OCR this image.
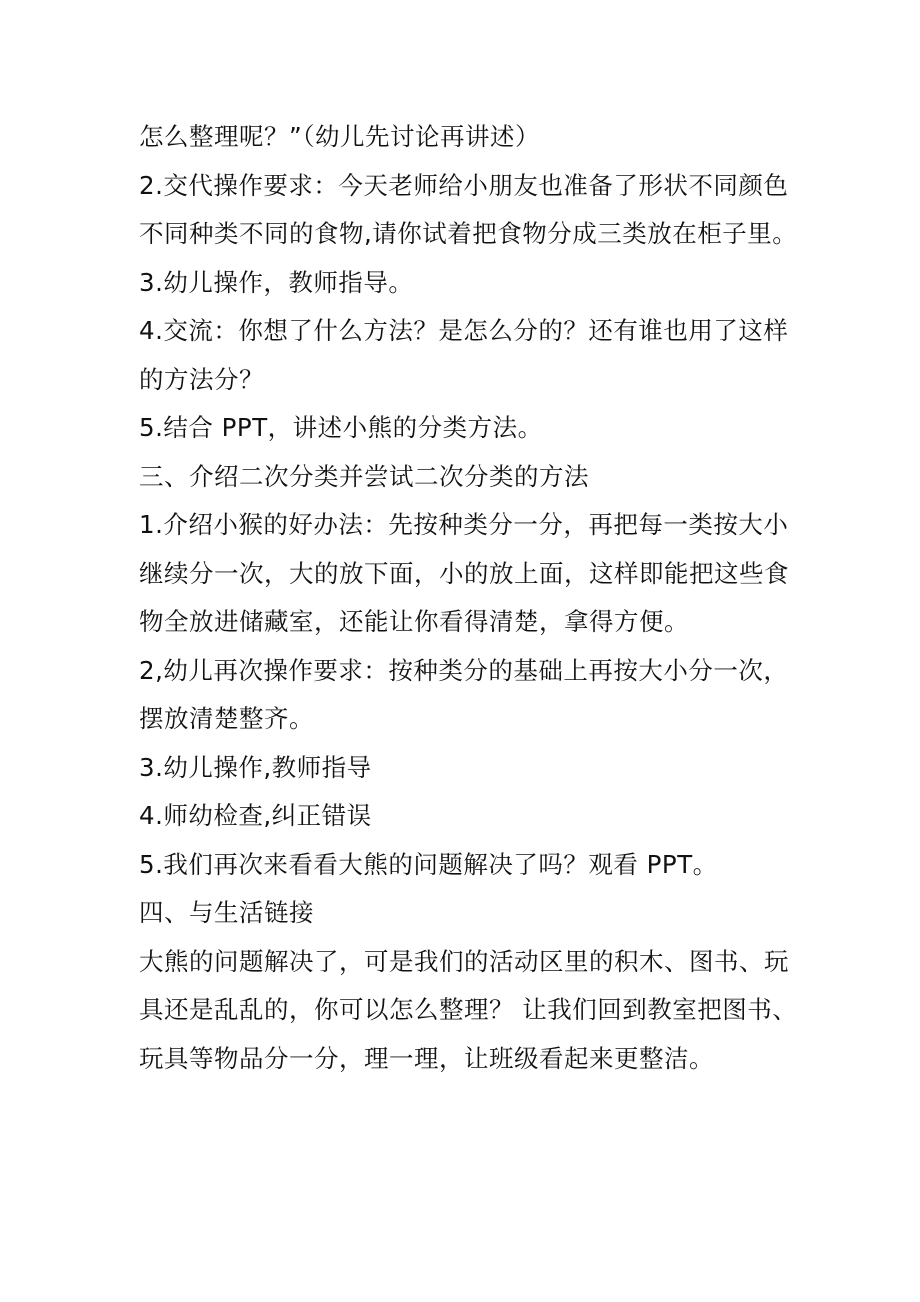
怎么整理呢？”（幼儿先讨论再讲述）
2.交代操作要求：今天老师给小朋友也准备了形状不同颜色
不同种类不同的食物,请你试着把食物分成三类放在柜子里。
3.幼儿操作，教师指导。
4.交流：你想了什么方法？是怎么分的？还有谁也用了这样
的方法分？
5.结合 PPT，讲述小熊的分类方法。
三、介绍二次分类并尝试二次分类的方法
1.介绍小猴的好办法：先按种类分一分，再把每一类按大小
继续分一次，大的放下面，小的放上面，这样即能把这些食
物全放进储藏室，还能让你看得清楚，拿得方便。
2,幼儿再次操作要求：按种类分的基础上再按大小分一次，
摆放清楚整齐。
3.幼儿操作,教师指导
4.师幼检查,纠正错误
5.我们再次来看看大熊的问题解决了吗？观看 PPT。
四、与生活链接
大熊的问题解决了，可是我们的活动区里的积木、图书、玩
具还是乱乱的，你可以怎么整理？ 让我们回到教室把图书、
玩具等物品分一分，理一理，让班级看起来更整洁。
